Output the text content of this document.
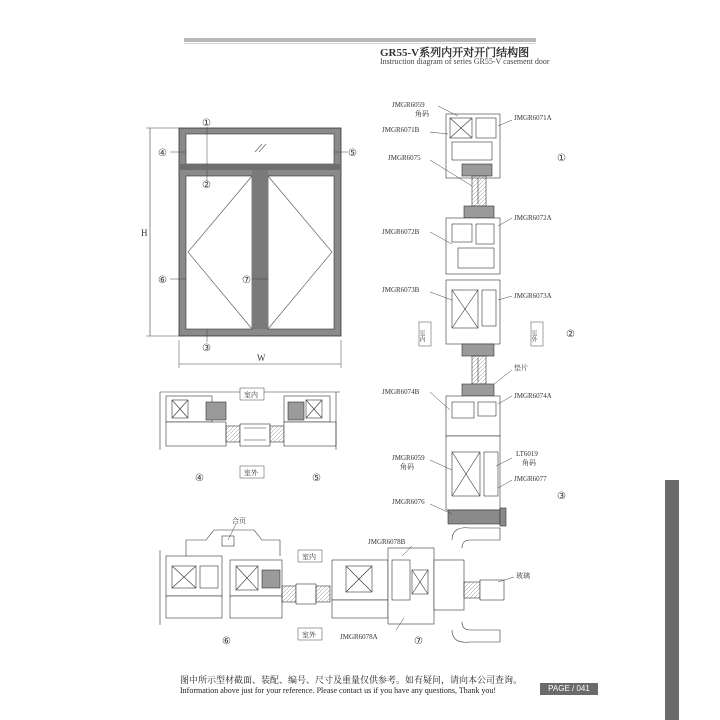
GR55-V系列内开对开门结构图
Instruction diagram of series GR55-V casement door
①
④	⑤
②
⑥	⑦
③
H
W
JMGR6059
角码
JMGR6071B
JMGR6071A
JMGR6075
JMGR6072A
JMGR6072B
JMGR6073B
JMGR6073A
室内	室外
垫片
JMGR6074B	JMGR6074A
JMGR6059
角码
LT6019
角码
JMGR6077
JMGR6076
①
②
③
室内
室外
④	⑤
合页
室内
室外
JMGR6078B
JMGR6078A
玻璃
⑥	⑦
图中所示型材截面、装配、编号、尺寸及重量仅供参考。如有疑问，请向本公司查询。
Information above just for your reference. Please contact us if you have any questions, Thank you!	PAGE / 041
